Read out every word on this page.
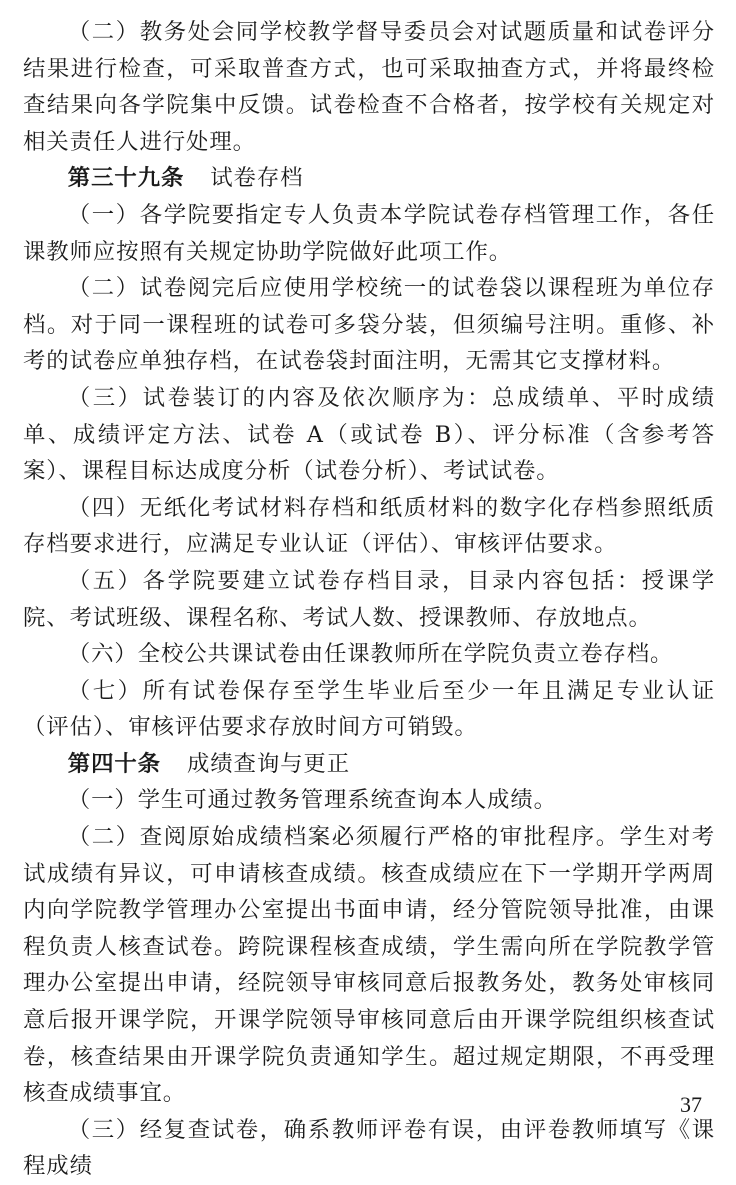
（二）教务处会同学校教学督导委员会对试题质量和试卷评分结果进行检查，可采取普查方式，也可采取抽查方式，并将最终检查结果向各学院集中反馈。试卷检查不合格者，按学校有关规定对相关责任人进行处理。

第三十九条 试卷存档

（一）各学院要指定专人负责本学院试卷存档管理工作，各任课教师应按照有关规定协助学院做好此项工作。

（二）试卷阅完后应使用学校统一的试卷袋以课程班为单位存档。对于同一课程班的试卷可多袋分装，但须编号注明。重修、补考的试卷应单独存档，在试卷袋封面注明，无需其它支撑材料。

（三）试卷装订的内容及依次顺序为：总成绩单、平时成绩单、成绩评定方法、试卷 A（或试卷 B）、评分标准（含参考答案）、课程目标达成度分析（试卷分析）、考试试卷。

（四）无纸化考试材料存档和纸质材料的数字化存档参照纸质存档要求进行，应满足专业认证（评估）、审核评估要求。

（五）各学院要建立试卷存档目录，目录内容包括：授课学院、考试班级、课程名称、考试人数、授课教师、存放地点。

（六）全校公共课试卷由任课教师所在学院负责立卷存档。

（七）所有试卷保存至学生毕业后至少一年且满足专业认证（评估）、审核评估要求存放时间方可销毁。

第四十条 成绩查询与更正

（一）学生可通过教务管理系统查询本人成绩。

（二）查阅原始成绩档案必须履行严格的审批程序。学生对考试成绩有异议，可申请核查成绩。核查成绩应在下一学期开学两周内向学院教学管理办公室提出书面申请，经分管院领导批准，由课程负责人核查试卷。跨院课程核查成绩，学生需向所在学院教学管理办公室提出申请，经院领导审核同意后报教务处，教务处审核同意后报开课学院，开课学院领导审核同意后由开课学院组织核查试卷，核查结果由开课学院负责通知学生。超过规定期限，不再受理核查成绩事宜。

（三）经复查试卷，确系教师评卷有误，由评卷教师填写《课程成绩

37
